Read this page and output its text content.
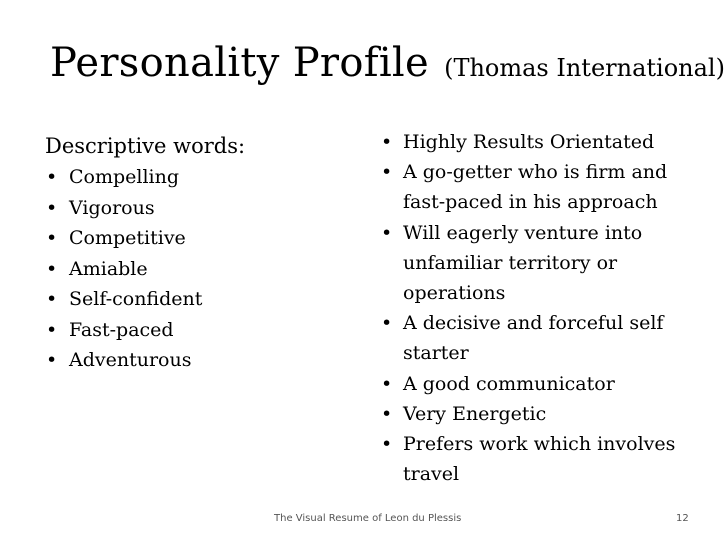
Personality Profile (Thomas International)
Descriptive words:
• Compelling
• Vigorous
• Competitive
• Amiable
• Self-confident
• Fast-paced
• Adventurous
• Highly Results Orientated
• A go-getter who is firm and
fast-paced in his approach
• Will eagerly venture into
unfamiliar territory or
operations
• A decisive and forceful self
starter
• A good communicator
• Very Energetic
• Prefers work which involves
travel
The Visual Resume of Leon du Plessis	12
